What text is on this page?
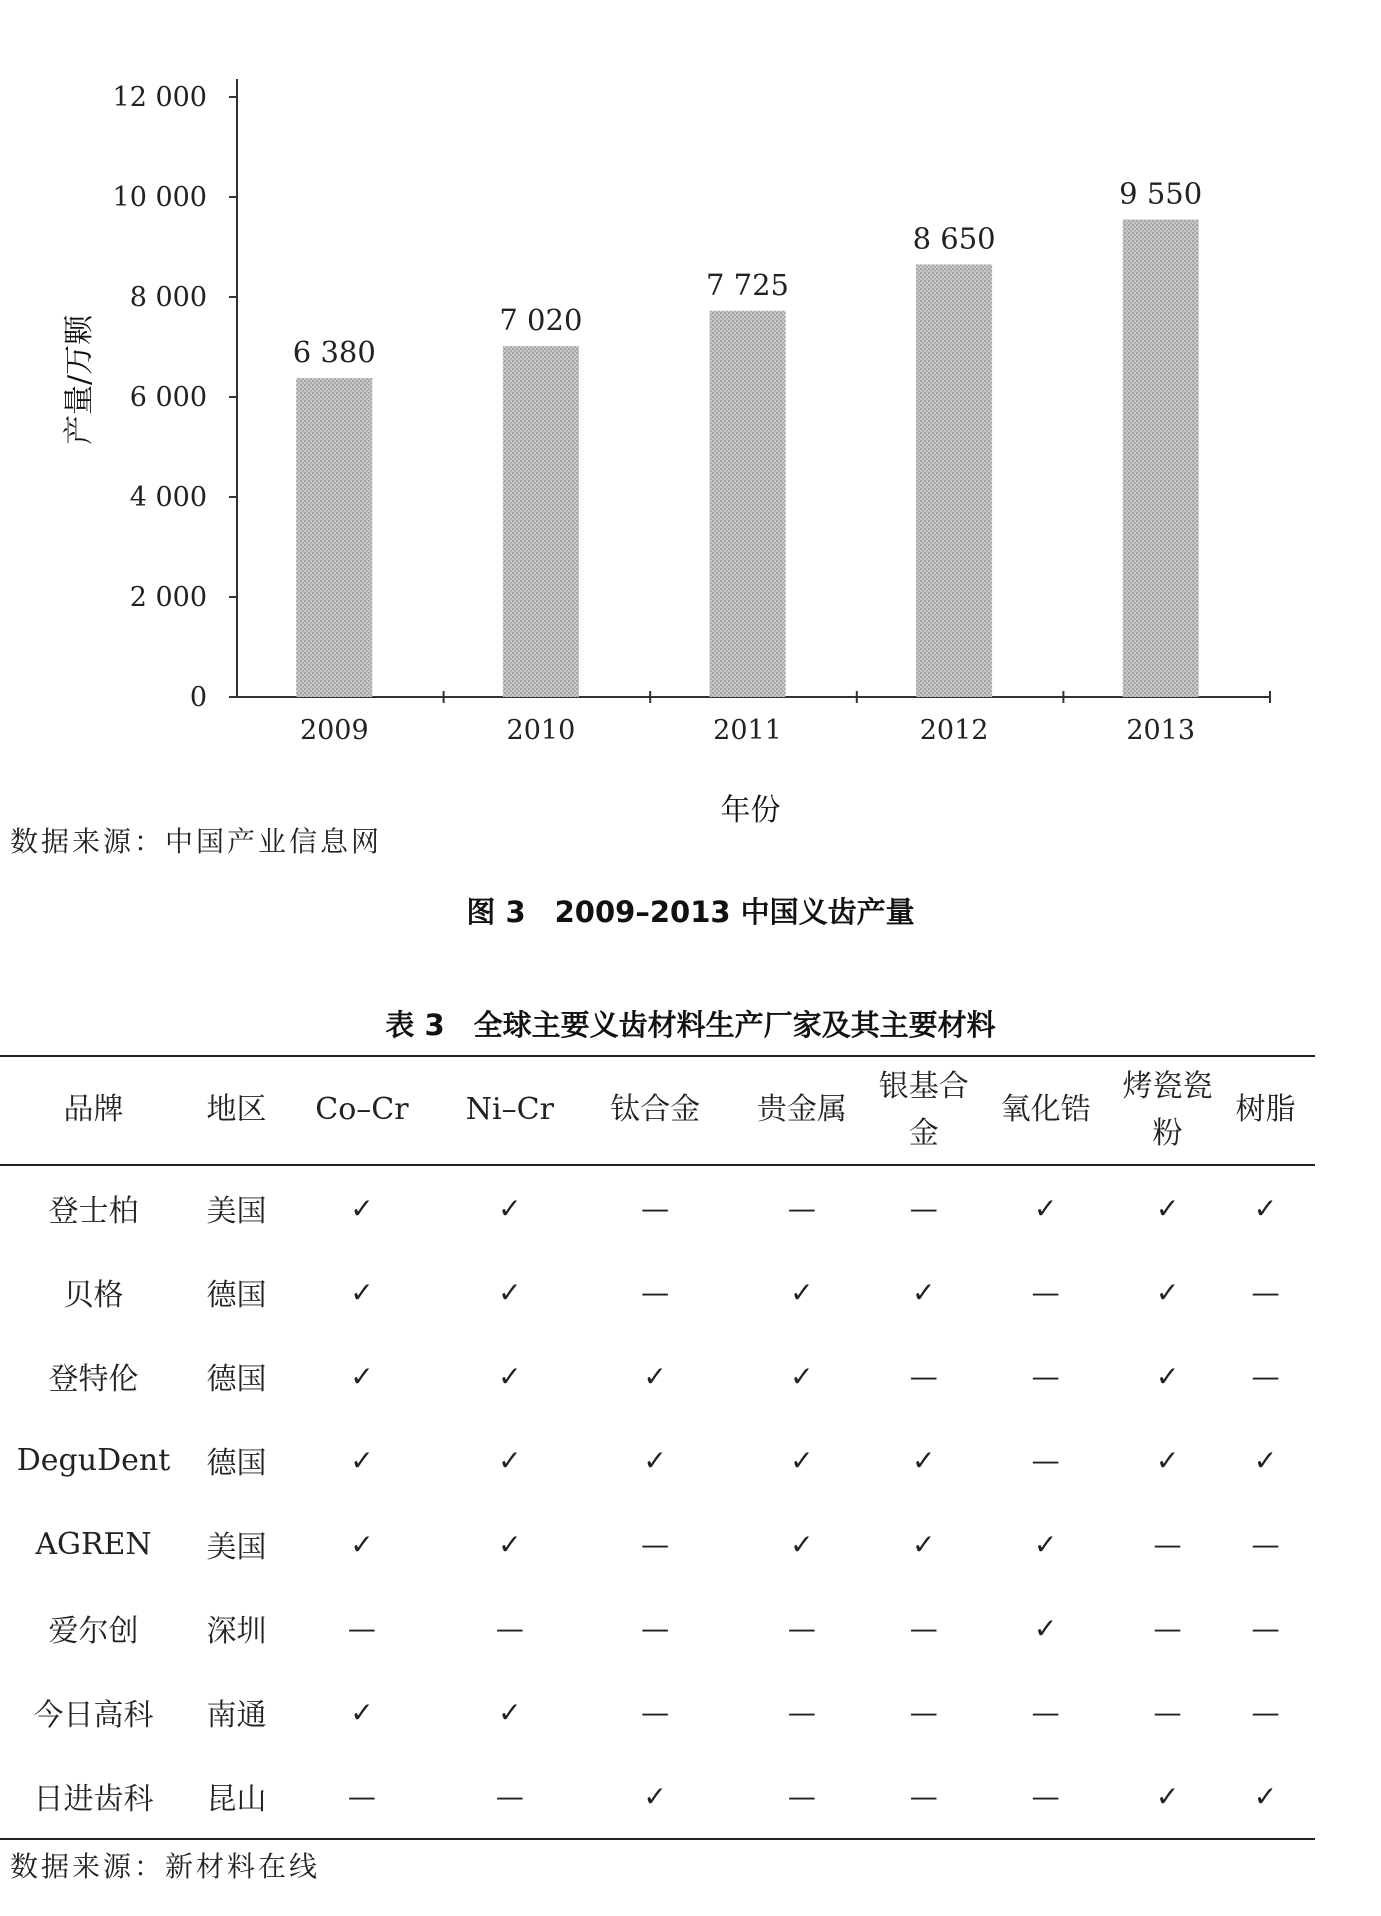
0
2 000
4 000
6 000
8 000
10 000
12 000
6 380
2009
7 020
2010
7 725
2011
8 650
2012
9 550
2013
产量/万颗
年份
数据来源：中国产业信息网
图 3　2009–2013 中国义齿产量
表 3　全球主要义齿材料生产厂家及其主要材料
品牌	地区	Co–Cr	Ni–Cr	钛合金	贵金属	银基合金	氧化锆	烤瓷瓷粉	树脂
登士柏	美国	✓	✓	—	—	—	✓	✓	✓
贝格	德国	✓	✓	—	✓	✓	—	✓	—
登特伦	德国	✓	✓	✓	✓	—	—	✓	—
DeguDent	德国	✓	✓	✓	✓	✓	—	✓	✓
AGREN	美国	✓	✓	—	✓	✓	✓	—	—
爱尔创	深圳	—	—	—	—	—	✓	—	—
今日高科	南通	✓	✓	—	—	—	—	—	—
日进齿科	昆山	—	—	✓	—	—	—	✓	✓
数据来源：新材料在线
